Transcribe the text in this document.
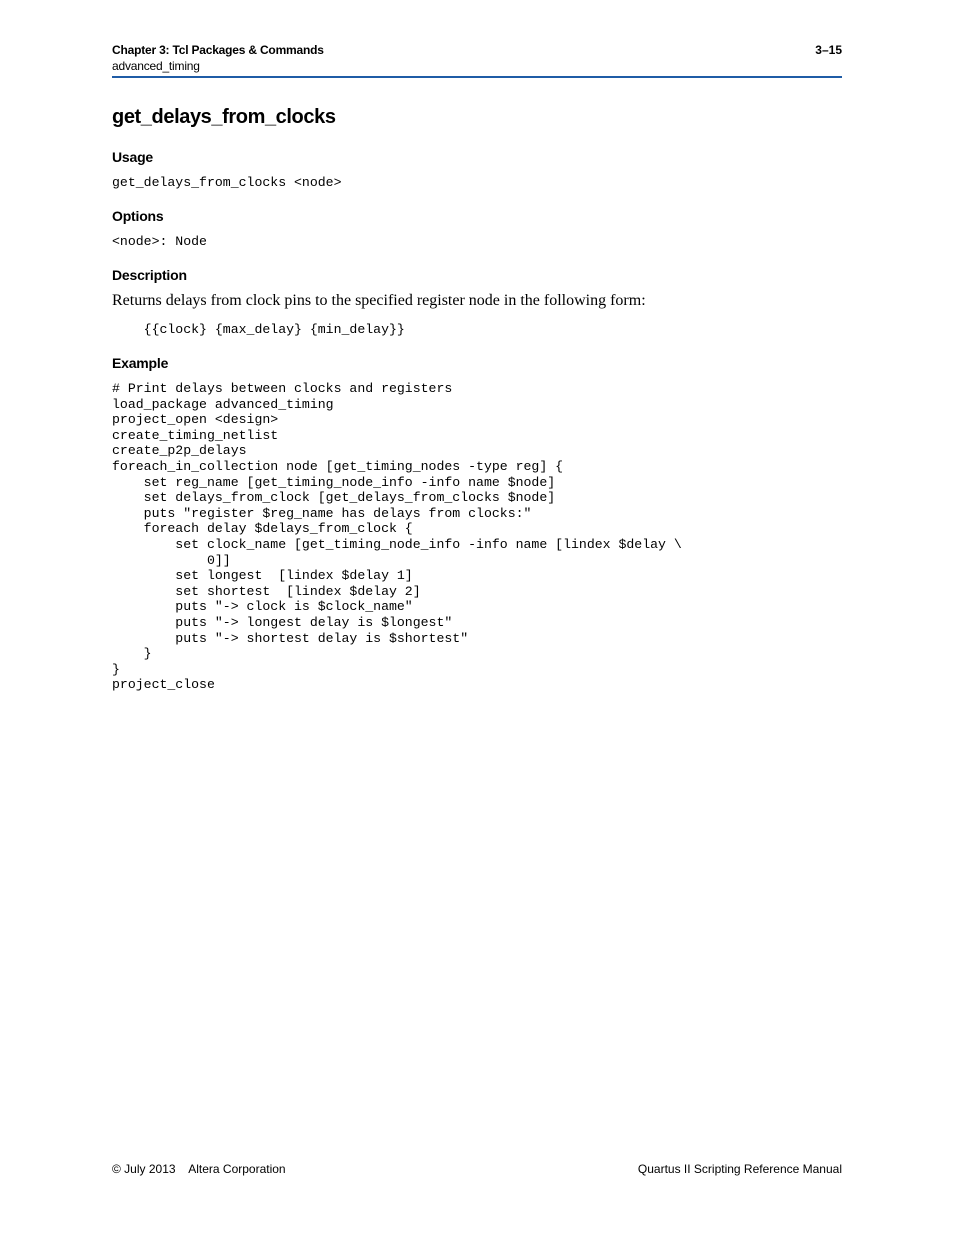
Chapter 3: Tcl Packages & Commands	3–15
advanced_timing
get_delays_from_clocks
Usage
get_delays_from_clocks <node>
Options
<node>: Node
Description
Returns delays from clock pins to the specified register node in the following form:
{{clock} {max_delay} {min_delay}}
Example
# Print delays between clocks and registers
load_package advanced_timing
project_open <design>
create_timing_netlist
create_p2p_delays
foreach_in_collection node [get_timing_nodes -type reg] {
set reg_name [get_timing_node_info -info name $node]
set delays_from_clock [get_delays_from_clocks $node]
puts "register $reg_name has delays from clocks:"
foreach delay $delays_from_clock {
set clock_name [get_timing_node_info -info name [lindex $delay \
0]]
set longest  [lindex $delay 1]
set shortest  [lindex $delay 2]
puts "-> clock is $clock_name"
puts "-> longest delay is $longest"
puts "-> shortest delay is $shortest"
}
}
project_close
© July 2013    Altera Corporation	Quartus II Scripting Reference Manual
